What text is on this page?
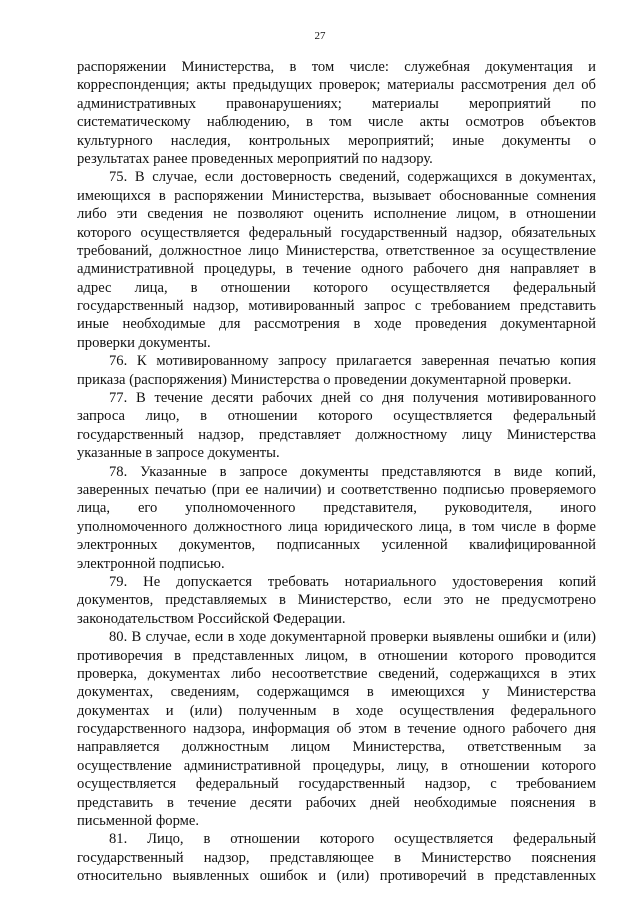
27
распоряжении Министерства, в том числе: служебная документация и
корреспонденция; акты предыдущих проверок; материалы рассмотрения дел об
административных правонарушениях; материалы мероприятий по
систематическому наблюдению, в том числе акты осмотров объектов
культурного наследия, контрольных мероприятий; иные документы о
результатах ранее проведенных мероприятий по надзору.
75. В случае, если достоверность сведений, содержащихся в документах,
имеющихся в распоряжении Министерства, вызывает обоснованные сомнения
либо эти сведения не позволяют оценить исполнение лицом, в отношении
которого осуществляется федеральный государственный надзор, обязательных
требований, должностное лицо Министерства, ответственное за осуществление
административной процедуры, в течение одного рабочего дня направляет в
адрес лица, в отношении которого осуществляется федеральный
государственный надзор, мотивированный запрос с требованием представить
иные необходимые для рассмотрения в ходе проведения документарной
проверки документы.
76. К мотивированному запросу прилагается заверенная печатью копия
приказа (распоряжения) Министерства о проведении документарной проверки.
77. В течение десяти рабочих дней со дня получения мотивированного
запроса лицо, в отношении которого осуществляется федеральный
государственный надзор, представляет должностному лицу Министерства
указанные в запросе документы.
78. Указанные в запросе документы представляются в виде копий,
заверенных печатью (при ее наличии) и соответственно подписью проверяемого
лица, его уполномоченного представителя, руководителя, иного
уполномоченного должностного лица юридического лица, в том числе в форме
электронных документов, подписанных усиленной квалифицированной
электронной подписью.
79. Не допускается требовать нотариального удостоверения копий
документов, представляемых в Министерство, если это не предусмотрено
законодательством Российской Федерации.
80. В случае, если в ходе документарной проверки выявлены ошибки и (или)
противоречия в представленных лицом, в отношении которого проводится
проверка, документах либо несоответствие сведений, содержащихся в этих
документах, сведениям, содержащимся в имеющихся у Министерства
документах и (или) полученным в ходе осуществления федерального
государственного надзора, информация об этом в течение одного рабочего дня
направляется должностным лицом Министерства, ответственным за
осуществление административной процедуры, лицу, в отношении которого
осуществляется федеральный государственный надзор, с требованием
представить в течение десяти рабочих дней необходимые пояснения в
письменной форме.
81. Лицо, в отношении которого осуществляется федеральный
государственный надзор, представляющее в Министерство пояснения
относительно выявленных ошибок и (или) противоречий в представленных
